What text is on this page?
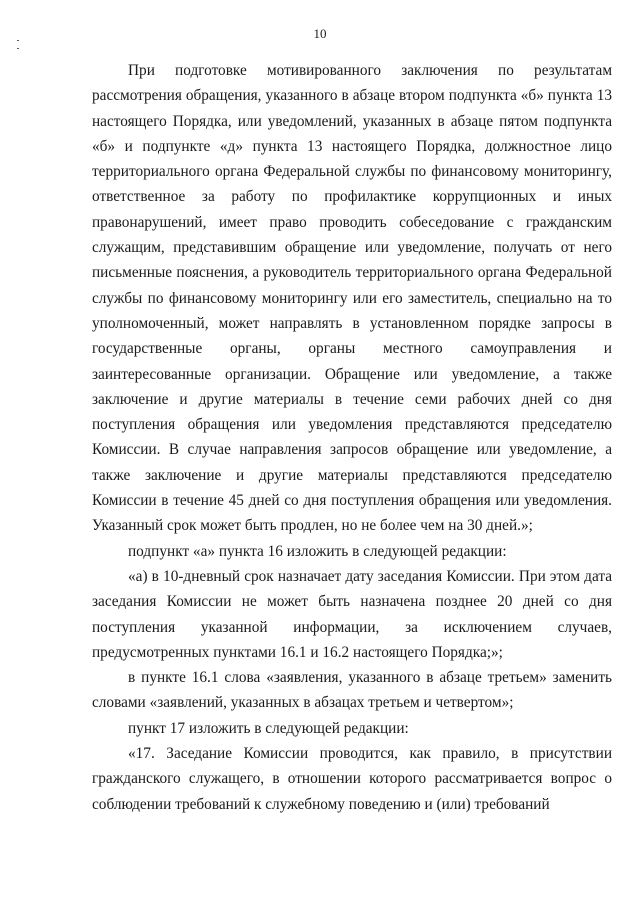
10

При подготовке мотивированного заключения по результатам рассмотрения обращения, указанного в абзаце втором подпункта «б» пункта 13 настоящего Порядка, или уведомлений, указанных в абзаце пятом подпункта «б» и подпункте «д» пункта 13 настоящего Порядка, должностное лицо территориального органа Федеральной службы по финансовому мониторингу, ответственное за работу по профилактике коррупционных и иных правонарушений, имеет право проводить собеседование с гражданским служащим, представившим обращение или уведомление, получать от него письменные пояснения, а руководитель территориального органа Федеральной службы по финансовому мониторингу или его заместитель, специально на то уполномоченный, может направлять в установленном порядке запросы в государственные органы, органы местного самоуправления и заинтересованные организации. Обращение или уведомление, а также заключение и другие материалы в течение семи рабочих дней со дня поступления обращения или уведомления представляются председателю Комиссии. В случае направления запросов обращение или уведомление, а также заключение и другие материалы представляются председателю Комиссии в течение 45 дней со дня поступления обращения или уведомления. Указанный срок может быть продлен, но не более чем на 30 дней.»;

подпункт «а» пункта 16 изложить в следующей редакции:

«а) в 10-дневный срок назначает дату заседания Комиссии. При этом дата заседания Комиссии не может быть назначена позднее 20 дней со дня поступления указанной информации, за исключением случаев, предусмотренных пунктами 16.1 и 16.2 настоящего Порядка;»;

в пункте 16.1 слова «заявления, указанного в абзаце третьем» заменить словами «заявлений, указанных в абзацах третьем и четвертом»;

пункт 17 изложить в следующей редакции:

«17. Заседание Комиссии проводится, как правило, в присутствии гражданского служащего, в отношении которого рассматривается вопрос о соблюдении требований к служебному поведению и (или) требований
